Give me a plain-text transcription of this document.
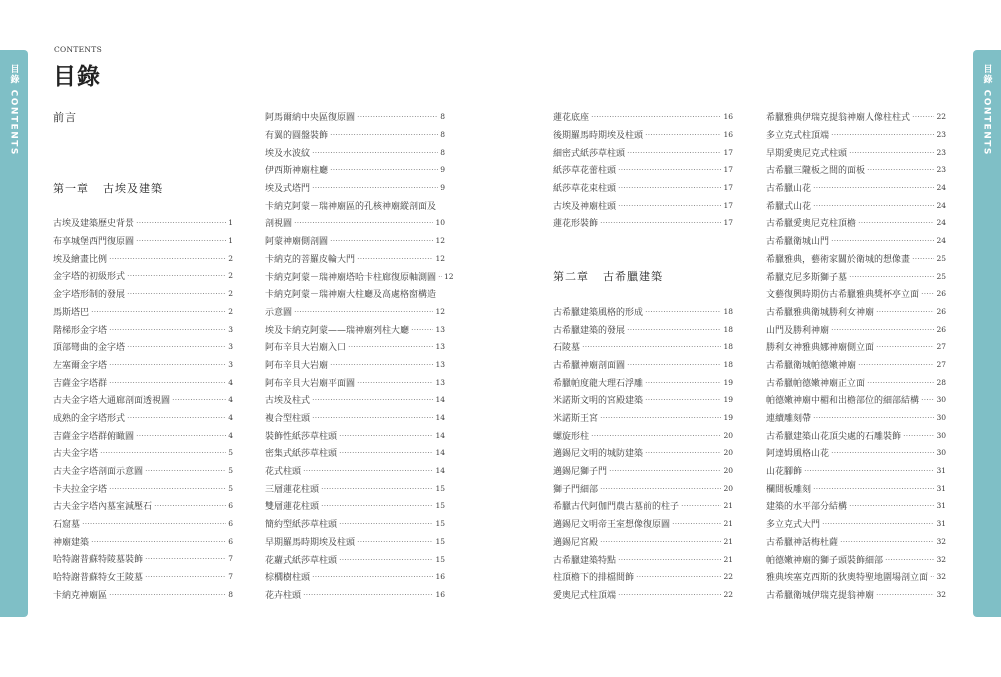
目錄 CONTENTS	目錄 CONTENTS
CONTENTS
目錄
前言
第一章 古埃及建築
古埃及建築歷史背景	1
布享城堡西門復原圖	1
埃及繪畫比例	2
金字塔的初級形式	2
金字塔形制的發展	2
馬斯塔巴	2
階梯形金字塔	3
頂部彎曲的金字塔	3
左塞爾金字塔	3
吉薩金字塔群	4
古夫金字塔大通廊剖面透視圖	4
成熟的金字塔形式	4
吉薩金字塔群俯瞰圖	4
古夫金字塔	5
古夫金字塔剖面示意圖	5
卡夫拉金字塔	5
古夫金字塔內墓室減壓石	6
石窟墓	6
神廟建築	6
哈特謝普蘇特陵墓裝飾	7
哈特謝普蘇特女王陵墓	7
卡納克神廟區	8
阿馬爾納中央區復原圖	8
有翼的圓盤裝飾	8
埃及水波紋	8
伊西斯神廟柱廳	9
埃及式塔門	9
卡納克阿蒙－瑞神廟區的孔核神廟縱剖面及
剖視圖	10
阿蒙神廟側剖圖	12
卡納克的菩羅皮輪大門	12
卡納克阿蒙－瑞神廟塔哈卡柱廊復原軸測圖 12
卡納克阿蒙－瑞神廟大柱廳及高處格窗構造
示意圖	12
埃及卡納克阿蒙——瑞神廟列柱大廳	13
阿布辛貝大岩廟入口	13
阿布辛貝大岩廟	13
阿布辛貝大岩廟平面圖	13
古埃及柱式	14
複合型柱頭	14
裝飾性紙莎草柱頭	14
密集式紙莎草柱頭	14
花式柱頭	14
三層蓮花柱頭	15
雙層蓮花柱頭	15
簡約型紙莎草柱頭	15
早期羅馬時期埃及柱頭	15
花蘿式紙莎草柱頭	15
棕櫚樹柱頭	16
花卉柱頭	16
蓮花底座	16
後期羅馬時期埃及柱頭	16
細密式紙莎草柱頭	17
紙莎草花蕾柱頭	17
紙莎草花束柱頭	17
古埃及神廟柱頭	17
蓮花形裝飾	17
第二章 古希臘建築
古希臘建築風格的形成	18
古希臘建築的發展	18
石陵墓	18
古希臘神廟剖面圖	18
希臘帕度龍大理石浮雕	19
米諾斯文明的宮殿建築	19
米諾斯王宮	19
螺旋形柱	20
邁錫尼文明的城防建築	20
邁錫尼獅子門	20
獅子門細部	20
希臘古代阿伽門農古墓前的柱子	21
邁錫尼文明帝王室想像復原圖	21
邁錫尼宮殿	21
古希臘建築特點	21
柱頂檐下的排檔間飾	22
愛奧尼式柱頂端	22
希臘雅典伊瑞克提翁神廟人像柱柱式	22
多立克式柱頂端	23
早期愛奧尼克式柱頭	23
古希臘三隴板之間的面板	23
古希臘山花	24
希臘式山花	24
古希臘愛奧尼克柱頂檐	24
古希臘衛城山門	24
希臘雅典，藝術家關於衛城的想像畫	25
希臘克尼多斯獅子墓	25
文藝復興時期仿古希臘雅典獎杯亭立面 26
古希臘雅典衛城勝利女神廟	26
山門及勝利神廟	26
勝利女神雅典娜神廟側立面	27
古希臘衛城帕德嫩神廟	27
古希臘帕德嫩神廟正立面	28
帕德嫩神廟中楣和出檐部位的細部結構 30
連續雕刻帶	30
古希臘建築山花頂尖處的石雕裝飾	30
阿達姆風格山花	30
山花腳飾	31
欄間板雕刻	31
建築的水平部分結構	31
多立克式大門	31
古希臘神話梅杜薩	32
帕德嫩神廟的獅子頭裝飾細部	32
雅典埃塞克西斯的狄奧特聖地圍場剖立面 32
古希臘衛城伊瑞克提翁神廟	32
